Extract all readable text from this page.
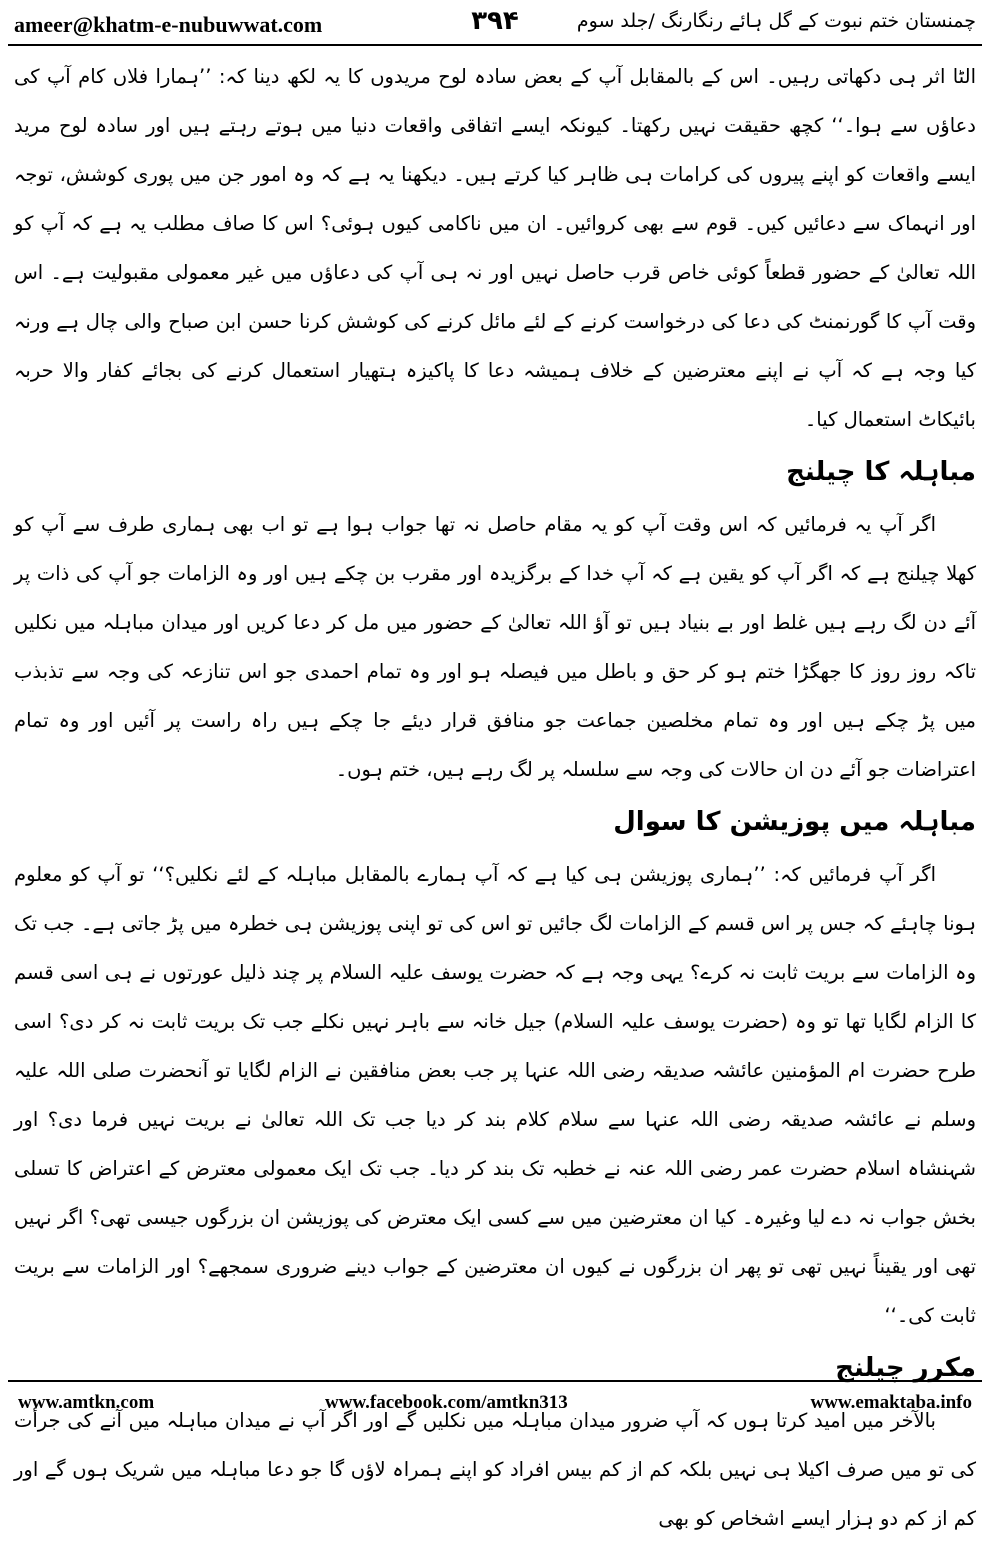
ameer@khatm-e-nubuwwat.com	۳۹۴	چمنستان ختم نبوت کے گل ہائے رنگارنگ /جلد سوم

الٹا اثر ہی دکھاتی رہیں۔ اس کے بالمقابل آپ کے بعض سادہ لوح مریدوں کا یہ لکھ دینا کہ: ’’ہمارا فلاں کام آپ کی دعاؤں سے ہوا۔‘‘ کچھ حقیقت نہیں رکھتا۔ کیونکہ ایسے اتفاقی واقعات دنیا میں ہوتے رہتے ہیں اور سادہ لوح مرید ایسے واقعات کو اپنے پیروں کی کرامات ہی ظاہر کیا کرتے ہیں۔ دیکھنا یہ ہے کہ وہ امور جن میں پوری کوشش، توجہ اور انہماک سے دعائیں کیں۔ قوم سے بھی کروائیں۔ ان میں ناکامی کیوں ہوئی؟ اس کا صاف مطلب یہ ہے کہ آپ کو اللہ تعالیٰ کے حضور قطعاً کوئی خاص قرب حاصل نہیں اور نہ ہی آپ کی دعاؤں میں غیر معمولی مقبولیت ہے۔ اس وقت آپ کا گورنمنٹ کی دعا کی درخواست کرنے کے لئے مائل کرنے کی کوشش کرنا حسن ابن صباح والی چال ہے ورنہ کیا وجہ ہے کہ آپ نے اپنے معترضین کے خلاف ہمیشہ دعا کا پاکیزہ ہتھیار استعمال کرنے کی بجائے کفار والا حربہ بائیکاٹ استعمال کیا۔

مباہلہ کا چیلنج

اگر آپ یہ فرمائیں کہ اس وقت آپ کو یہ مقام حاصل نہ تھا جواب ہوا ہے تو اب بھی ہماری طرف سے آپ کو کھلا چیلنج ہے کہ اگر آپ کو یقین ہے کہ آپ خدا کے برگزیدہ اور مقرب بن چکے ہیں اور وہ الزامات جو آپ کی ذات پر آئے دن لگ رہے ہیں غلط اور بے بنیاد ہیں تو آؤ اللہ تعالیٰ کے حضور میں مل کر دعا کریں اور میدان مباہلہ میں نکلیں تاکہ روز روز کا جھگڑا ختم ہو کر حق و باطل میں فیصلہ ہو اور وہ تمام احمدی جو اس تنازعہ کی وجہ سے تذبذب میں پڑ چکے ہیں اور وہ تمام مخلصین جماعت جو منافق قرار دیئے جا چکے ہیں راہ راست پر آئیں اور وہ تمام اعتراضات جو آئے دن ان حالات کی وجہ سے سلسلہ پر لگ رہے ہیں، ختم ہوں۔

مباہلہ میں پوزیشن کا سوال

اگر آپ فرمائیں کہ: ’’ہماری پوزیشن ہی کیا ہے کہ آپ ہمارے بالمقابل مباہلہ کے لئے نکلیں؟‘‘ تو آپ کو معلوم ہونا چاہئے کہ جس پر اس قسم کے الزامات لگ جائیں تو اس کی تو اپنی پوزیشن ہی خطرہ میں پڑ جاتی ہے۔ جب تک وہ الزامات سے بریت ثابت نہ کرے؟ یہی وجہ ہے کہ حضرت یوسف علیہ السلام پر چند ذلیل عورتوں نے ہی اسی قسم کا الزام لگایا تھا تو وہ (حضرت یوسف علیہ السلام) جیل خانہ سے باہر نہیں نکلے جب تک بریت ثابت نہ کر دی؟ اسی طرح حضرت ام المؤمنین عائشہ صدیقہ رضی اللہ عنہا پر جب بعض منافقین نے الزام لگایا تو آنحضرت صلی اللہ علیہ وسلم نے عائشہ صدیقہ رضی اللہ عنہا سے سلام کلام بند کر دیا جب تک اللہ تعالیٰ نے بریت نہیں فرما دی؟ اور شہنشاہ اسلام حضرت عمر رضی اللہ عنہ نے خطبہ تک بند کر دیا۔ جب تک ایک معمولی معترض کے اعتراض کا تسلی بخش جواب نہ دے لیا وغیرہ۔ کیا ان معترضین میں سے کسی ایک معترض کی پوزیشن ان بزرگوں جیسی تھی؟ اگر نہیں تھی اور یقیناً نہیں تھی تو پھر ان بزرگوں نے کیوں ان معترضین کے جواب دینے ضروری سمجھے؟ اور الزامات سے بریت ثابت کی۔‘‘

مکرر چیلنج

بالآخر میں امید کرتا ہوں کہ آپ ضرور میدان مباہلہ میں نکلیں گے اور اگر آپ نے میدان مباہلہ میں آنے کی جرأت کی تو میں صرف اکیلا ہی نہیں بلکہ کم از کم بیس افراد کو اپنے ہمراہ لاؤں گا جو دعا مباہلہ میں شریک ہوں گے اور کم از کم دو ہزار ایسے اشخاص کو بھی

www.amtkn.com	www.facebook.com/amtkn313	www.emaktaba.info
